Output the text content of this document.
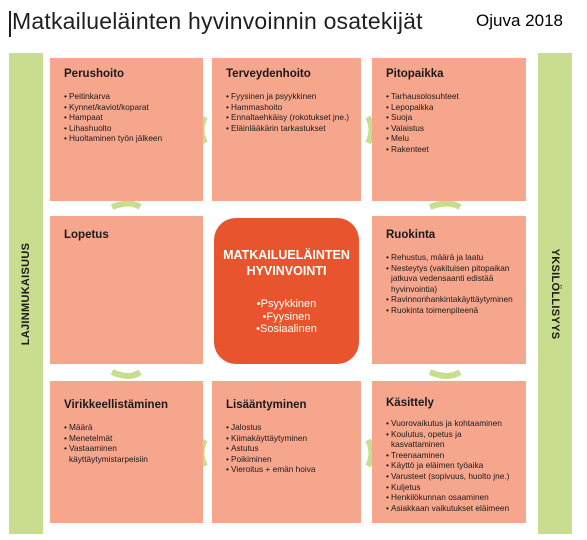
Matkailueläinten hyvinvoinnin osatekijät	Ojuva 2018
LAJINMUKAISUUS	YKSILÖLLISYYS
Perushoito
• Peitinkarva
• Kynnet/kaviot/koparat
• Hampaat
• Lihashuolto
• Huoltaminen työn jälkeen
Terveydenhoito
• Fyysinen ja psyykkinen
• Hammashoito
• Ennaltaehkäisy (rokotukset jne.)
• Eläinlääkärin tarkastukset
Pitopaikka
• Tarhausolosuhteet
• Lepopaikka
• Suoja
• Valaistus
• Melu
• Rakenteet
Lopetus
MATKAILUELÄINTEN
HYVINVOINTI
• Psyykkinen
• Fyysinen
• Sosiaalinen
Ruokinta
• Rehustus, määrä ja laatu
• Nesteytys (vakituisen pitopaikan jatkuva vedensaanti edistää hyvinvointia)
• Ravinnonhankintakäyttäytyminen
• Ruokinta toimenpiteenä
Virikkeellistäminen
• Määrä
• Menetelmät
• Vastaaminen käyttäytymistarpeisiin
Lisääntyminen
• Jalostus
• Kiimakäyttäytyminen
• Astutus
• Poikiminen
• Vieroitus + emän hoiva
Käsittely
• Vuorovaikutus ja kohtaaminen
• Koulutus, opetus ja kasvattaminen
• Treenaaminen
• Käyttö ja eläimen työaika
• Varusteet (sopivuus, huolto jne.)
• Kuljetus
• Henkilökunnan osaaminen
• Asiakkaan vaikutukset eläimeen
